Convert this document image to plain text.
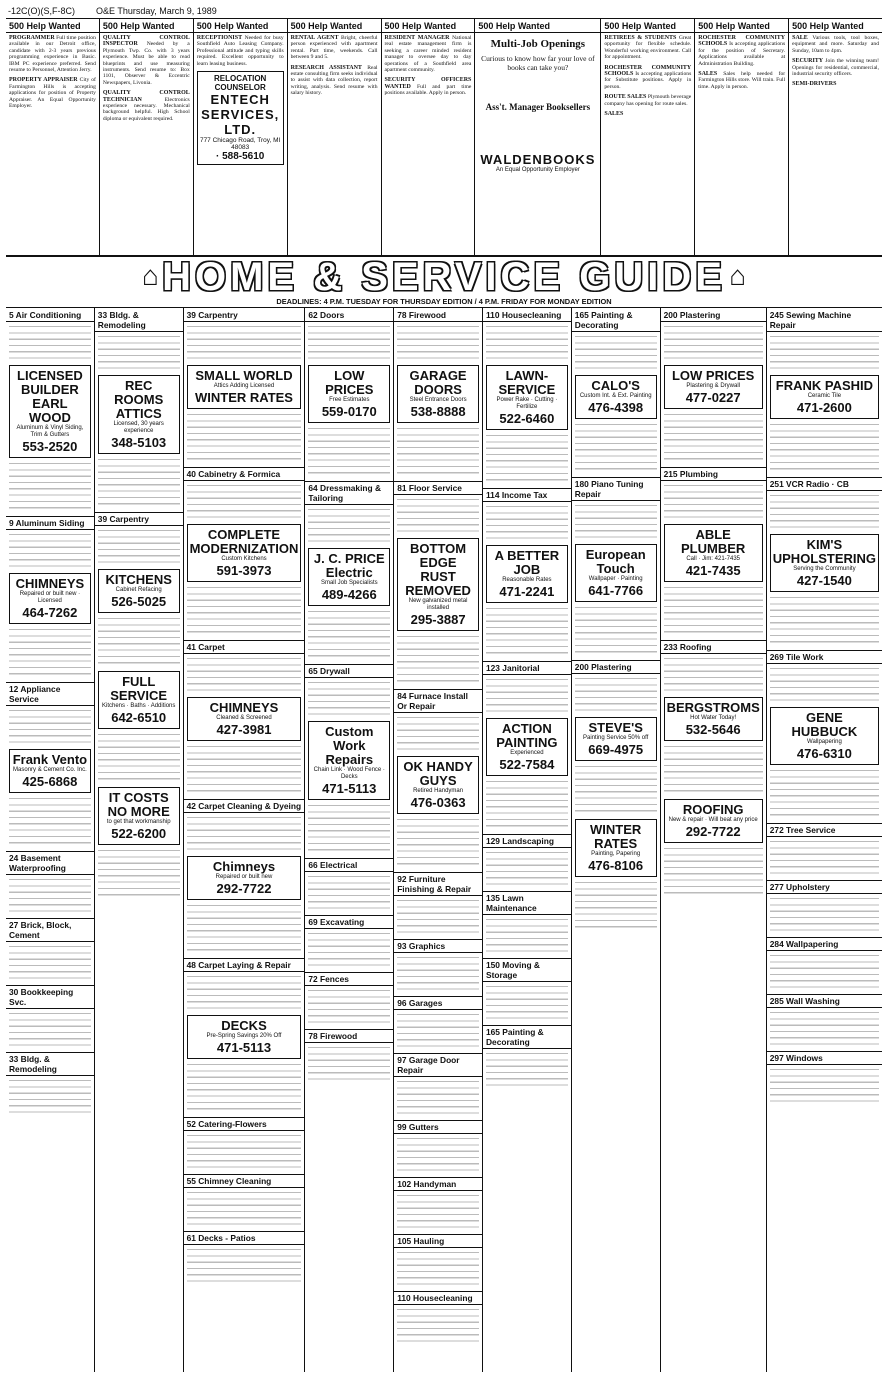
-12C(O)(S,F-8C) O&E Thursday, March 9, 1989
500 Help Wanted
PROGRAMMER Full time position available in our Detroit office, candidate with 2-3 years previous programming experience in Basic. IBM PC experience preferred. Send resume to Personnel, Attention Jerry.
PROPERTY APPRAISER City of Farmington Hills is accepting applications for position of Property Appraiser. An Equal Opportunity Employer.
500 Help Wanted
QUALITY CONTROL INSPECTOR Needed by a Plymouth Twp. Co. with 3 years experience. Must be able to read blueprints and use measuring instruments. Send resume to: Box 1101, Observer & Eccentric Newspapers, Livonia.
QUALITY CONTROL TECHNICIAN	Electronics experience necessary. Mechanical background helpful. High School diploma or equivalent required.
500 Help Wanted
RECEPTIONIST Needed for busy Southfield Auto Leasing Company. Professional attitude and typing skills required. Excellent opportunity to learn leasing business.
RELOCATION COUNSELOR
ENTECH SERVICES, LTD.
777 Chicago Road, Troy, MI 48083
· 588-5610
500 Help Wanted
RENTAL AGENT Bright, cheerful person experienced with apartment rental. Part time, weekends. Call between 9 and 5.
RESEARCH ASSISTANT Real estate consulting firm seeks individual to assist with data collection, report writing, analysis. Send resume with salary history.
500 Help Wanted
RESIDENT MANAGER National real estate management firm is seeking a career minded resident manager to oversee day to day operations of a Southfield area apartment community.
SECURITY OFFICERS WANTED Full and part time positions available. Apply in person.
500 Help Wanted
Multi-Job Openings
Curious to know how far your love of books can take you?
Ass't. Manager Booksellers
WALDENBOOKS
An Equal Opportunity Employer
500 Help Wanted
RETIREES & STUDENTS Great opportunity for flexible schedule. Wonderful working environment. Call for appointment.
ROCHESTER COMMUNITY SCHOOLS Is accepting applications for Substitute positions. Apply in person.
ROUTE SALES Plymouth beverage company has opening for route sales.
SALES
500 Help Wanted
ROCHESTER COMMUNITY SCHOOLS Is accepting applications for the position of Secretary. Applications available at Administration Building.
SALES Sales help needed for Farmington Hills store. Will train. Full time. Apply in person.
500 Help Wanted
SALE Various tools, tool boxes, equipment and more. Saturday and Sunday, 10am to 4pm.
SECURITY Join the winning team! Openings for residential, commercial, industrial security officers.
SEMI-DRIVERS
⌂ HOME & SERVICE GUIDE
DEADLINES: 4 P.M. TUESDAY FOR THURSDAY EDITION / 4 P.M. FRIDAY FOR MONDAY EDITION
⌂
5 Air Conditioning

LICENSED BUILDER EARL WOOD
Aluminum & Vinyl Siding, Trim & Gutters
553-2520
9 Aluminum Siding

CHIMNEYS
Repaired or built new · Licensed
464-7262
12 Appliance Service

Frank Vento
Masonry & Cement Co. Inc.
425-6868
24 Basement Waterproofing

27 Brick, Block, Cement

30 Bookkeeping Svc.

33 Bldg. & Remodeling

33 Bldg. & Remodeling

REC ROOMS ATTICS
Licensed, 30 years experience
348-5103
39 Carpentry

KITCHENS
Cabinet Refacing
526-5025
FULL SERVICE
Kitchens · Baths · Additions
642-6510
IT COSTS NO MORE
to get that workmanship
522-6200
39 Carpentry

SMALL WORLD
Attics Adding Licensed
WINTER RATES
40 Cabinetry & Formica

COMPLETE MODERNIZATION
Custom Kitchens
591-3973
41 Carpet

CHIMNEYS
Cleaned & Screened
427-3981
42 Carpet Cleaning & Dyeing

Chimneys
Repaired or built new
292-7722
48 Carpet Laying & Repair

DECKS
Pre-Spring Savings 20% Off
471-5113
52 Catering-Flowers

55 Chimney Cleaning

61 Decks - Patios

62 Doors

LOW PRICES
Free Estimates
559-0170
64 Dressmaking & Tailoring

J. C. PRICE Electric
Small Job Specialists
489-4266
65 Drywall

Custom Work Repairs
Chain Link · Wood Fence · Decks
471-5113
66 Electrical

69 Excavating

72 Fences

78 Firewood

78 Firewood

GARAGE DOORS
Steel Entrance Doors
538-8888
81 Floor Service

BOTTOM EDGE RUST REMOVED
New galvanized metal installed
295-3887
84 Furnace Install Or Repair

OK HANDY GUYS
Retired Handyman
476-0363
92 Furniture Finishing & Repair

93 Graphics

96 Garages

97 Garage Door Repair

99 Gutters

102 Handyman

105 Hauling

110 Housecleaning

110 Housecleaning

LAWN-SERVICE
Power Rake · Cutting · Fertilize
522-6460
114 Income Tax

A BETTER JOB
Reasonable Rates
471-2241
123 Janitorial

ACTION PAINTING
Experienced
522-7584
129 Landscaping

135 Lawn Maintenance

150 Moving & Storage

165 Painting & Decorating

165 Painting & Decorating

CALO'S
Custom Int. & Ext. Painting
476-4398
180 Piano Tuning Repair

European Touch
Wallpaper · Painting
641-7766
200 Plastering

STEVE'S
Painting Service 50% off
669-4975
WINTER RATES
Painting, Papering
476-8106
200 Plastering

LOW PRICES
Plastering & Drywall
477-0227
215 Plumbing

ABLE PLUMBER
Call · Jim: 421-7435
421-7435
233 Roofing

BERGSTROMS
Hot Water Today!
532-5646
ROOFING
New & repair · Will beat any price
292-7722
245 Sewing Machine Repair

FRANK PASHID
Ceramic Tile
471-2600
251 VCR Radio · CB

KIM'S UPHOLSTERING
Serving the Community
427-1540
269 Tile Work

GENE HUBBUCK
Wallpapering
476-6310
272 Tree Service

277 Upholstery

284 Wallpapering

285 Wall Washing

297 Windows
